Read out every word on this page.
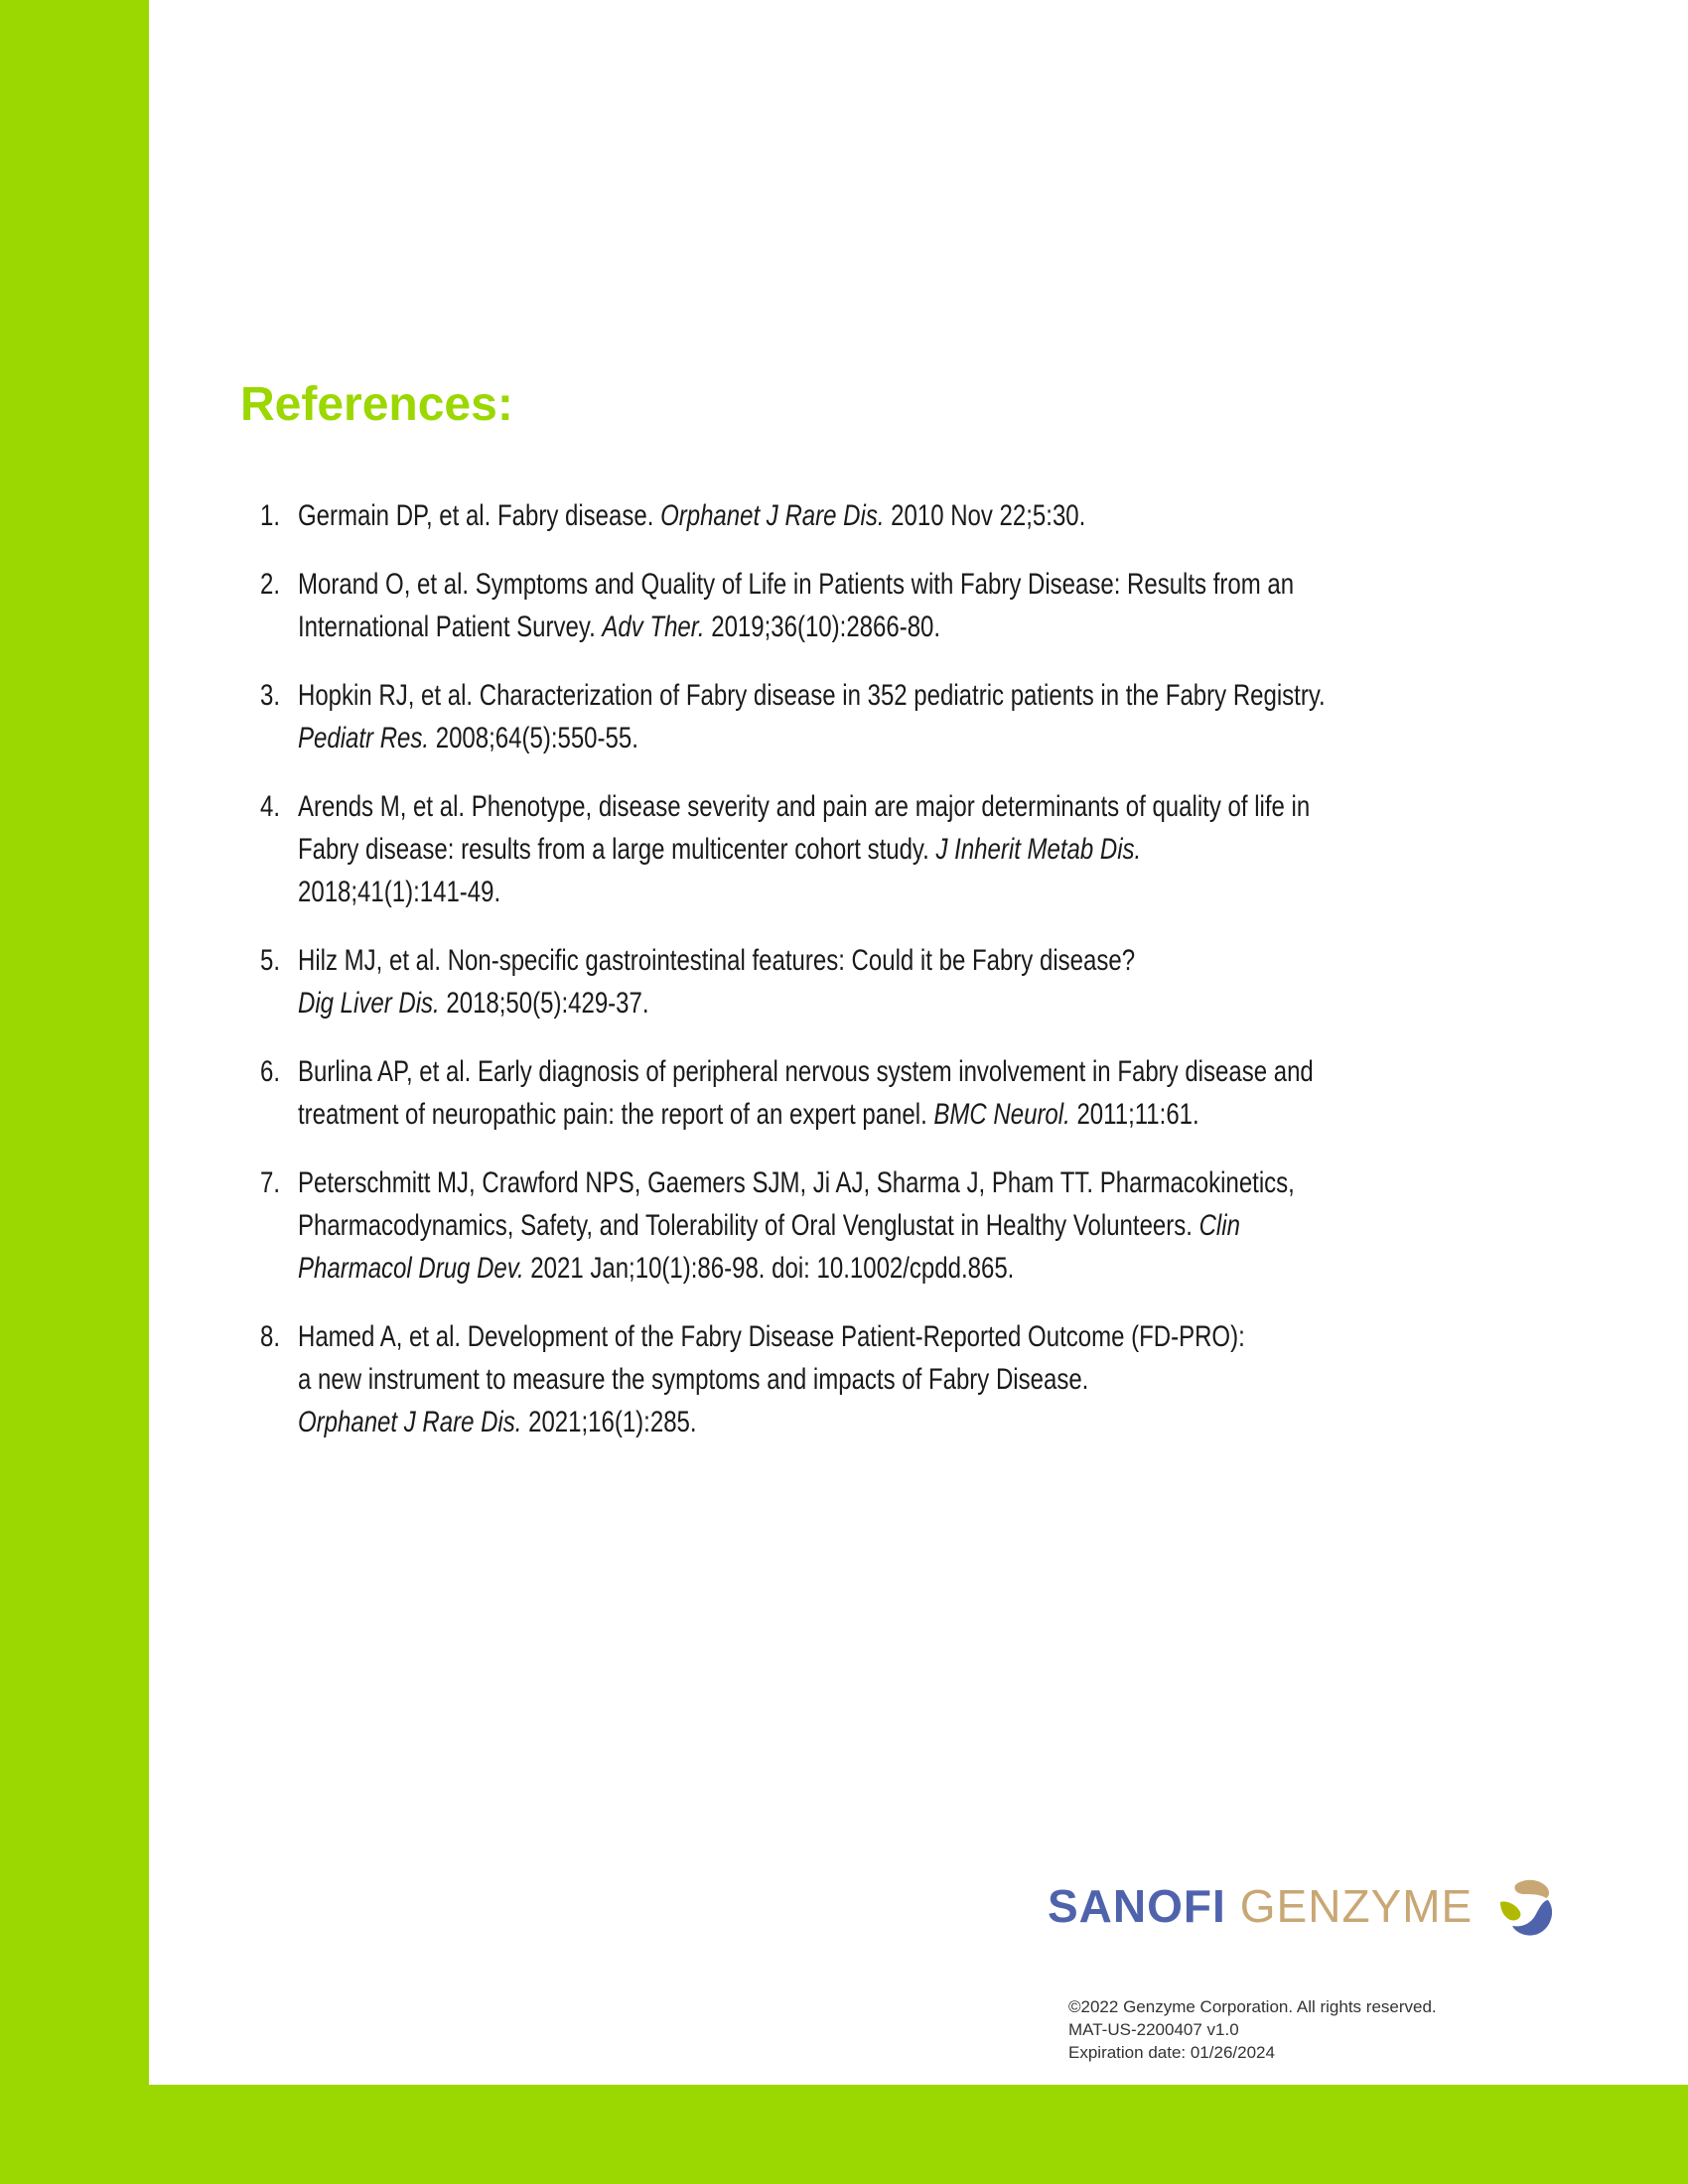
References:
1. Germain DP, et al. Fabry disease. Orphanet J Rare Dis. 2010 Nov 22;5:30.
2. Morand O, et al. Symptoms and Quality of Life in Patients with Fabry Disease: Results from an
International Patient Survey. Adv Ther. 2019;36(10):2866-80.
3. Hopkin RJ, et al. Characterization of Fabry disease in 352 pediatric patients in the Fabry Registry.
Pediatr Res. 2008;64(5):550-55.
4. Arends M, et al. Phenotype, disease severity and pain are major determinants of quality of life in
Fabry disease: results from a large multicenter cohort study. J Inherit Metab Dis.
2018;41(1):141-49.
5. Hilz MJ, et al. Non-specific gastrointestinal features: Could it be Fabry disease?
Dig Liver Dis. 2018;50(5):429-37.
6. Burlina AP, et al. Early diagnosis of peripheral nervous system involvement in Fabry disease and
treatment of neuropathic pain: the report of an expert panel. BMC Neurol. 2011;11:61.
7. Peterschmitt MJ, Crawford NPS, Gaemers SJM, Ji AJ, Sharma J, Pham TT. Pharmacokinetics,
Pharmacodynamics, Safety, and Tolerability of Oral Venglustat in Healthy Volunteers. Clin
Pharmacol Drug Dev. 2021 Jan;10(1):86-98. doi: 10.1002/cpdd.865.
8. Hamed A, et al. Development of the Fabry Disease Patient-Reported Outcome (FD-PRO):
a new instrument to measure the symptoms and impacts of Fabry Disease.
Orphanet J Rare Dis. 2021;16(1):285.
SANOFI GENZYME
©2022 Genzyme Corporation. All rights reserved.
MAT-US-2200407 v1.0
Expiration date: 01/26/2024
